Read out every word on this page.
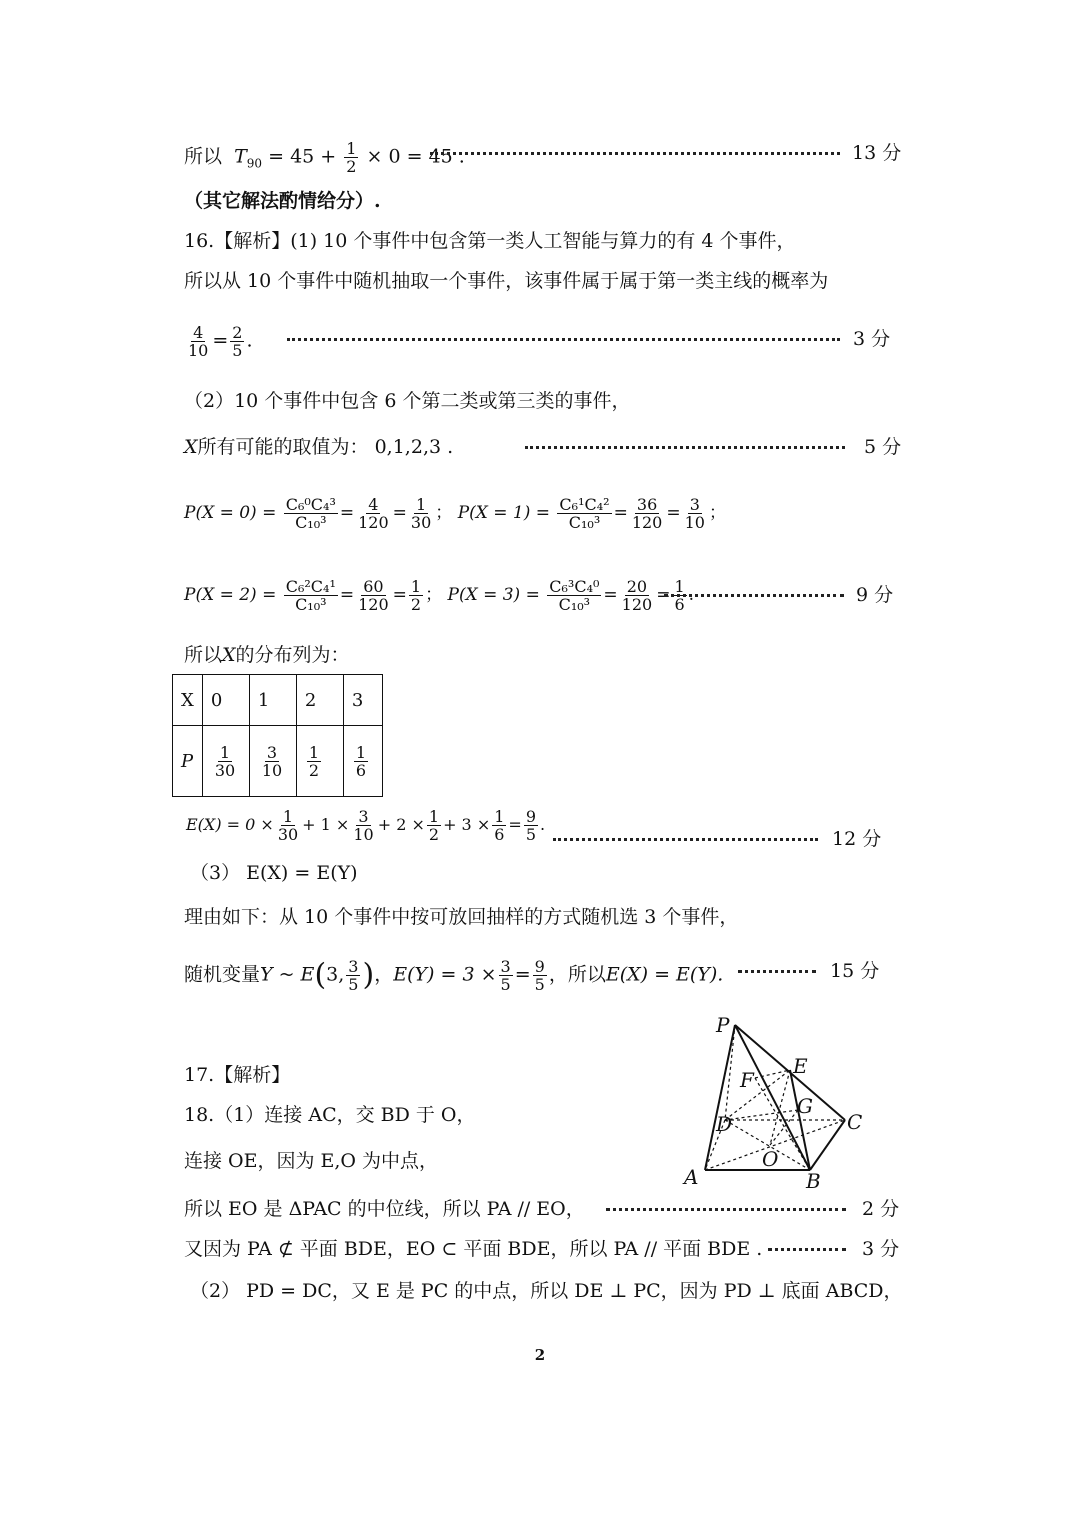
所以 $T_{90} = 45 + \frac{1}{2} \times 0 = 45$ .	13 分
（其它解法酌情给分）.
16.【解析】(1) 10 个事件中包含第一类人工智能与算力的有 4 个事件，
所以从 10 个事件中随机抽取一个事件，该事件属于属于第一类主线的概率为
$\frac{4}{10} = \frac{2}{5}$ .	3 分
（2）10 个事件中包含 6 个第二类或第三类的事件，
X所有可能的取值为： 0,1,2,3 .	5 分
$P(X = 0) = \frac{\text{C₆⁰C₄³}}{\text{C₁₀³}} = \frac{4}{120} = \frac{1}{30}$ ； $P(X = 1) = \frac{\text{C₆¹C₄²}}{\text{C₁₀³}} = \frac{36}{120} = \frac{3}{10}$ ；
$P(X = 2) = \frac{\text{C₆²C₄¹}}{\text{C₁₀³}} = \frac{60}{120} = \frac{1}{2}$ ； $P(X = 3) = \frac{\text{C₆³C₄⁰}}{\text{C₁₀³}} = \frac{20}{120} = \frac{1}{6}$ .	9 分
所以X的分布列为：
X	0	1	2	3
P	$\frac{1}{30}$	$\frac{3}{10}$	$\frac{1}{2}$	$\frac{1}{6}$
$E(X) = 0 \times \frac{1}{30} + 1 \times \frac{3}{10} + 2 \times \frac{1}{2} + 3 \times \frac{1}{6} = \frac{9}{5}$ .
12 分
（3） E(X) = E(Y)
理由如下：从 10 个事件中按可放回抽样的方式随机选 3 个事件，
随机变量Y ~ E(3, $\frac{3}{5}$ )，$E(Y) = 3 \times \frac{3}{5} = \frac{9}{5}$ ，所以E(X) = E(Y).	15 分
17.【解析】
18.（1）连接 AC，交 BD 于 O，
连接 OE，因为 E,O 为中点，
所以 EO 是 ΔPAC 的中位线，所以 PA // EO，	2 分
又因为 PA ⊄ 平面 BDE，EO ⊂ 平面 BDE，所以 PA // 平面 BDE .	3 分
（2） PD = DC，又 E 是 PC 的中点，所以 DE ⊥ PC，因为 PD ⊥ 底面 ABCD，
P
E
F
G
D	C
O
A	B
2
